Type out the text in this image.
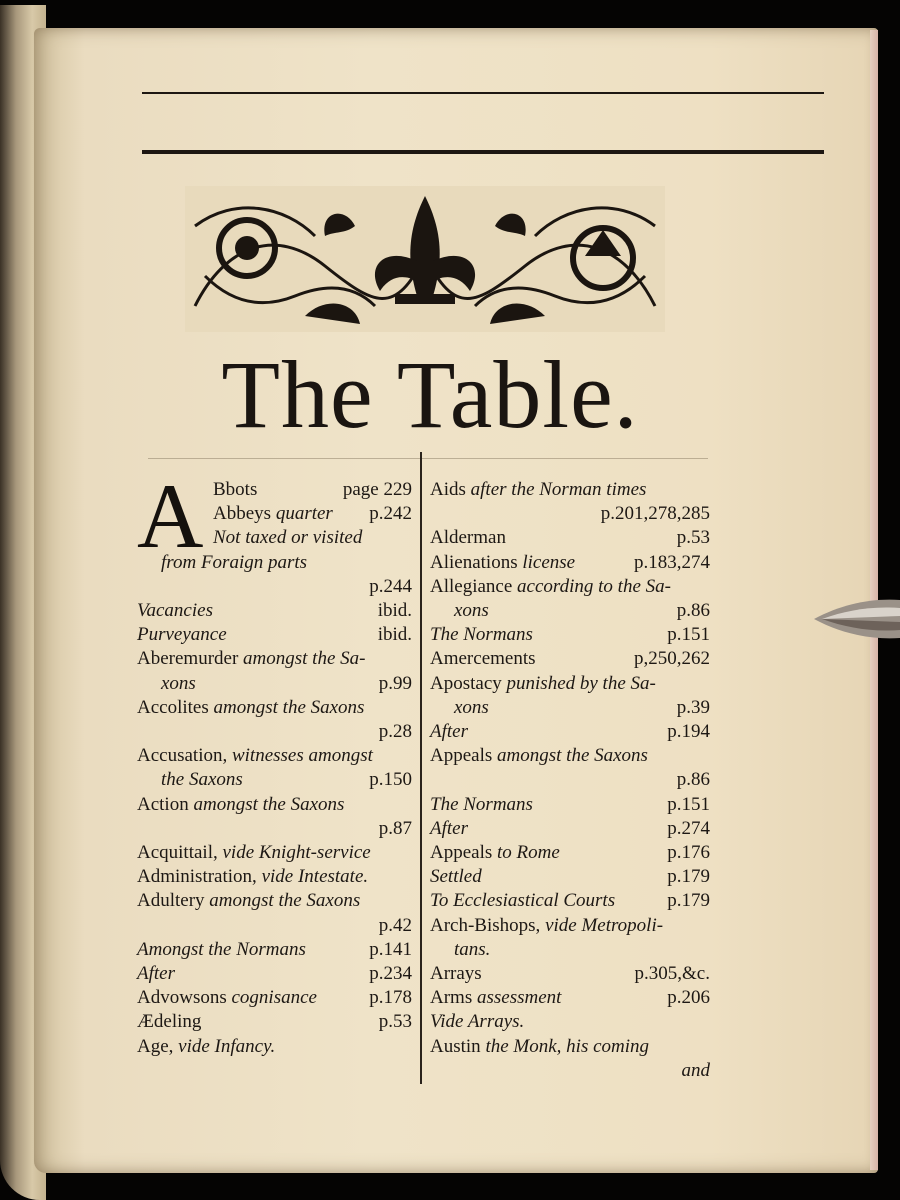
The Table.
A Bbots	page 229
Abbeys quarter	p.242
Not taxed or visited
from Foraign parts
p.244
Vacancies	ibid.
Purveyance	ibid.
Aberemurder amongst the Sa-
xons	p.99
Accolites amongst the Saxons
p.28
Accusation, witnesses amongst
the Saxons	p.150
Action amongst the Saxons
p.87
Acquittail, vide Knight-service
Administration, vide Intestate.
Adultery amongst the Saxons
p.42
Amongst the Normans	p.141
After	p.234
Advowsons cognisance	p.178
Ædeling	p.53
Age, vide Infancy.
Aids after the Norman times
p.201,278,285
Alderman	p.53
Alienations license	p.183,274
Allegiance according to the Sa-
xons	p.86
The Normans	p.151
Amercements	p,250,262
Apostacy punished by the Sa-
xons	p.39
After	p.194
Appeals amongst the Saxons
p.86
The Normans	p.151
After	p.274
Appeals to Rome	p.176
Settled	p.179
To Ecclesiastical Courts	p.179
Arch-Bishops, vide Metropoli-
tans.
Arrays	p.305,&c.
Arms assessment	p.206
Vide Arrays.
Austin the Monk, his coming
and
